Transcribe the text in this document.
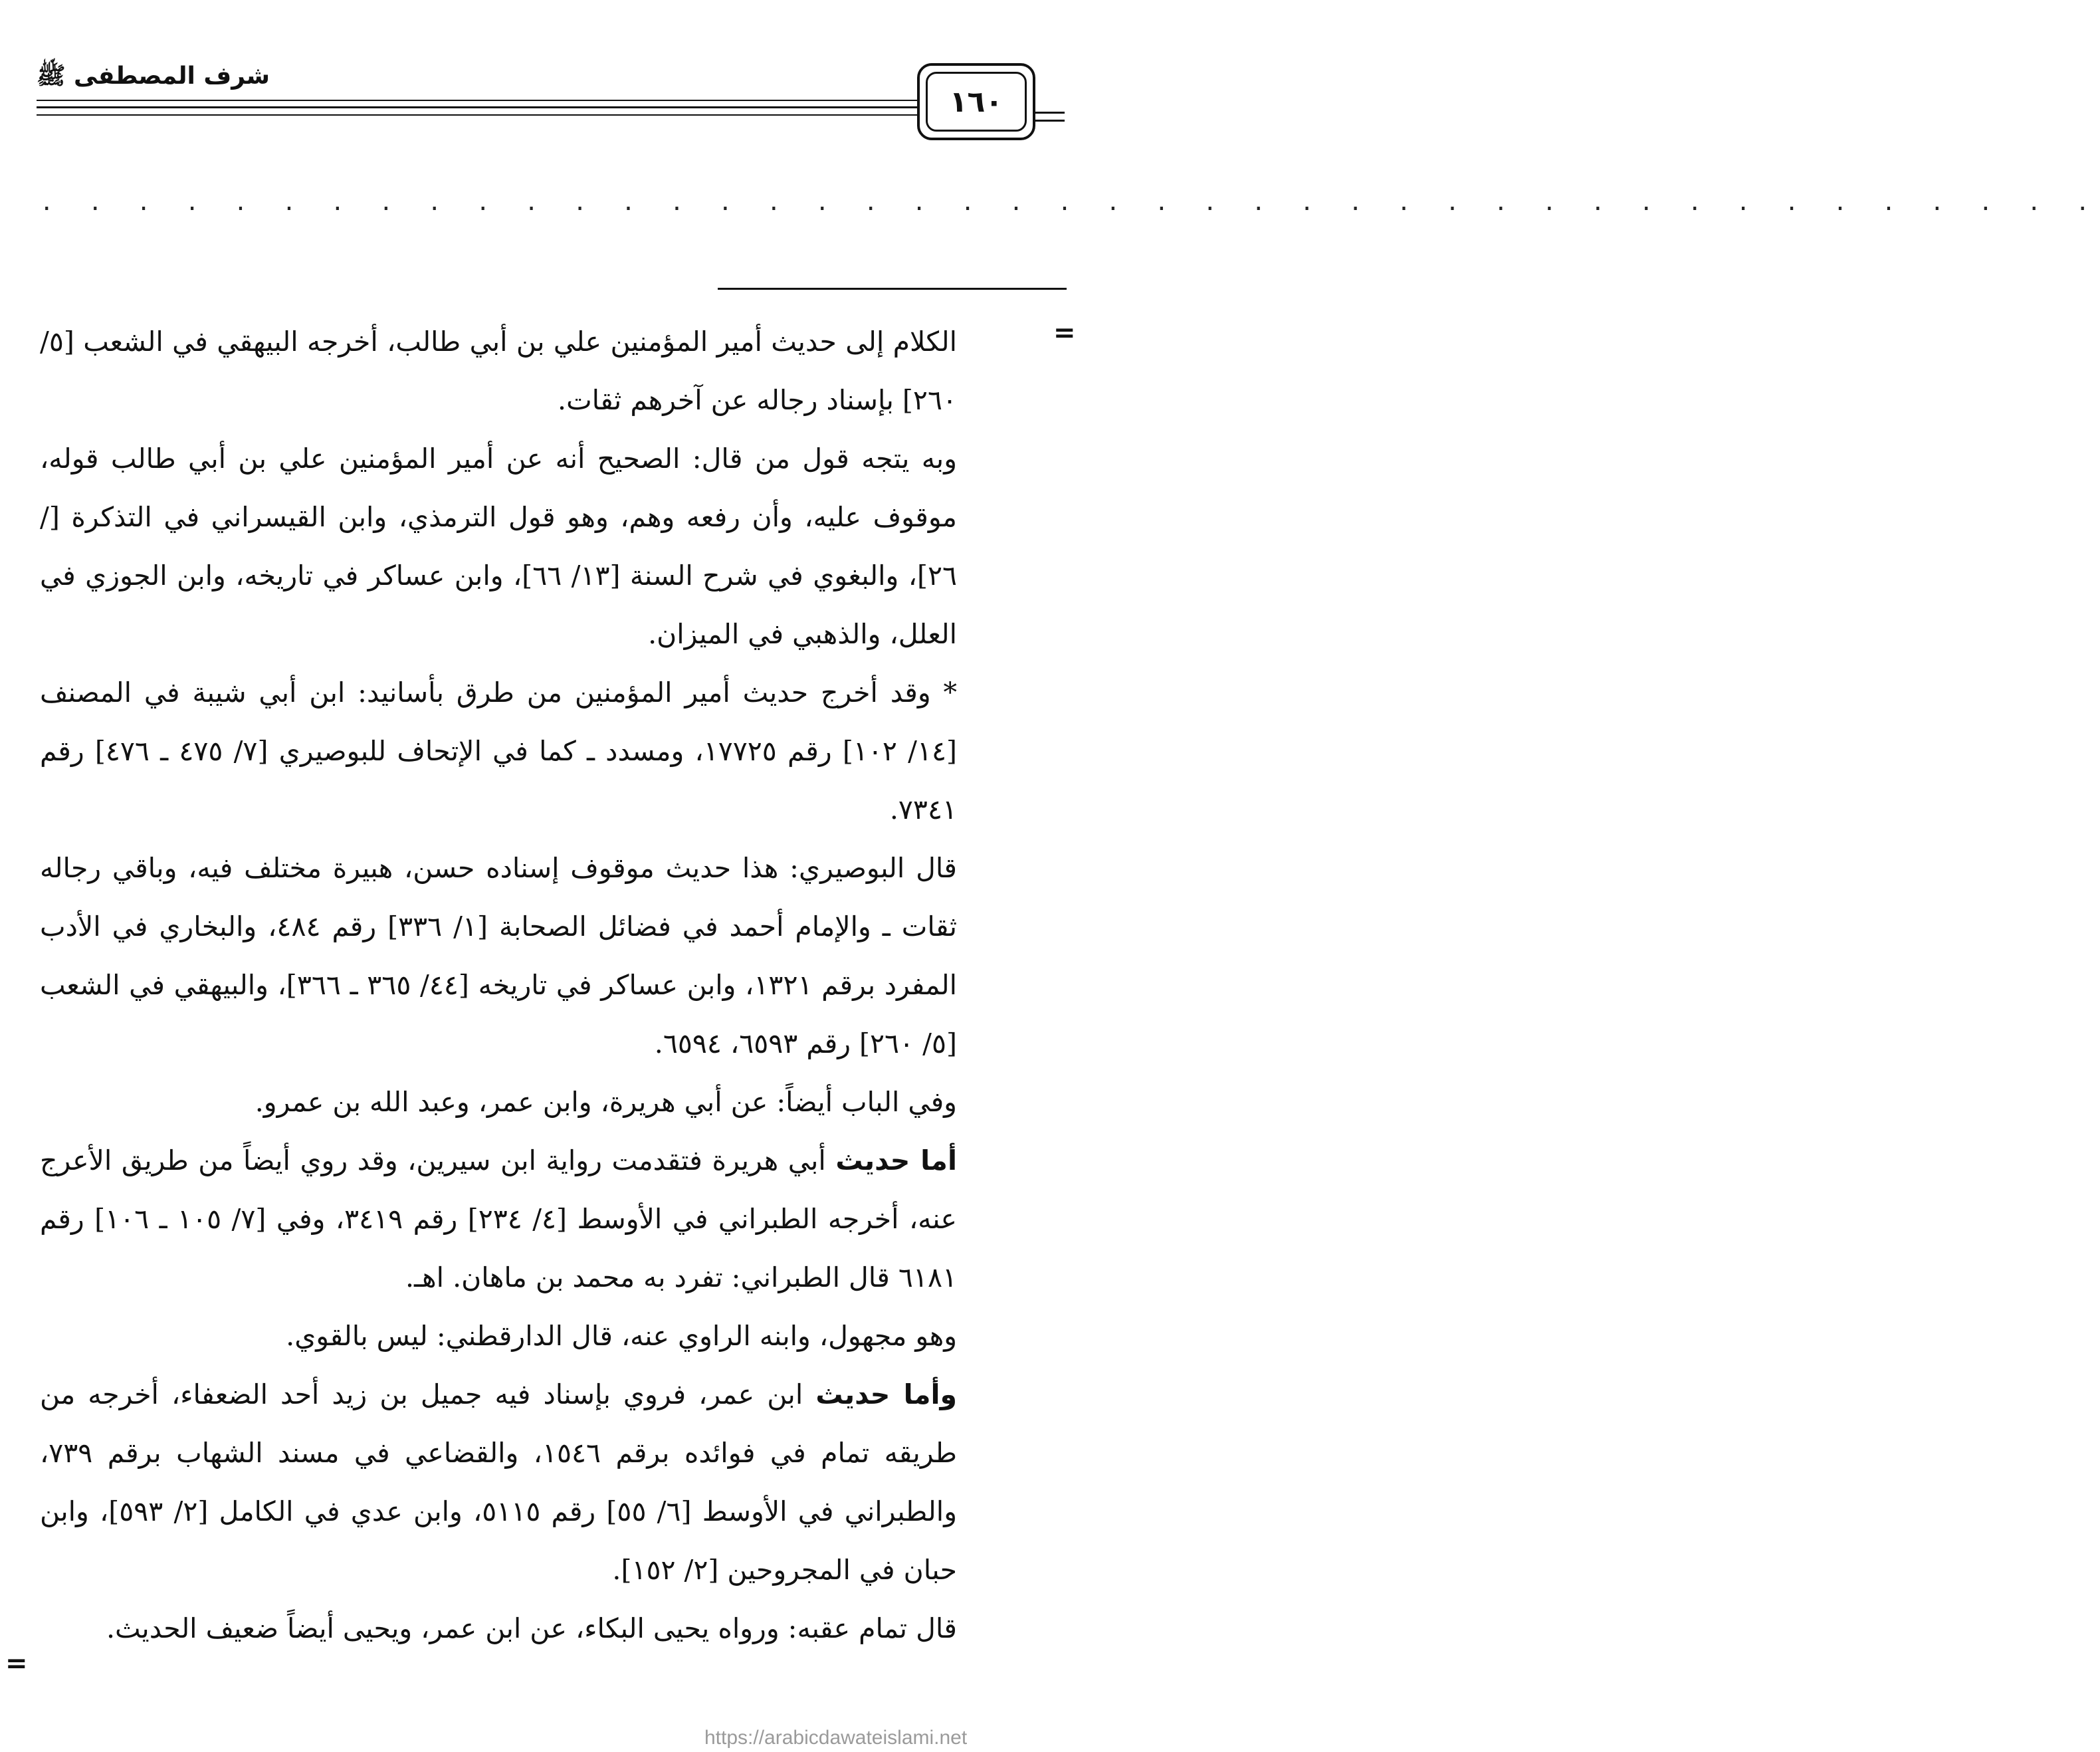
شرف المصطفى ﷺ
١٦٠
. . . . . . . . . . . . . . . . . . . . . . . . . . . . . . . . . . . . . . . . . . .
=

الكلام إلى حديث أمير المؤمنين علي بن أبي طالب، أخرجه البيهقي في الشعب [٥/ ٢٦٠] بإسناد رجاله عن آخرهم ثقات.

وبه يتجه قول من قال: الصحيح أنه عن أمير المؤمنين علي بن أبي طالب قوله، موقوف عليه، وأن رفعه وهم، وهو قول الترمذي، وابن القيسراني في التذكرة [/ ٢٦]، والبغوي في شرح السنة [١٣/ ٦٦]، وابن عساكر في تاريخه، وابن الجوزي في العلل، والذهبي في الميزان.

* وقد أخرج حديث أمير المؤمنين من طرق بأسانيد: ابن أبي شيبة في المصنف [١٤/ ١٠٢] رقم ١٧٧٢٥، ومسدد ـ كما في الإتحاف للبوصيري [٧/ ٤٧٥ ـ ٤٧٦] رقم ٧٣٤١.

قال البوصيري: هذا حديث موقوف إسناده حسن، هبيرة مختلف فيه، وباقي رجاله ثقات ـ والإمام أحمد في فضائل الصحابة [١/ ٣٣٦] رقم ٤٨٤، والبخاري في الأدب المفرد برقم ١٣٢١، وابن عساكر في تاريخه [٤٤/ ٣٦٥ ـ ٣٦٦]، والبيهقي في الشعب [٥/ ٢٦٠] رقم ٦٥٩٣، ٦٥٩٤.

وفي الباب أيضاً: عن أبي هريرة، وابن عمر، وعبد الله بن عمرو.

أما حديث أبي هريرة فتقدمت رواية ابن سيرين، وقد روي أيضاً من طريق الأعرج عنه، أخرجه الطبراني في الأوسط [٤/ ٢٣٤] رقم ٣٤١٩، وفي [٧/ ١٠٥ ـ ١٠٦] رقم ٦١٨١ قال الطبراني: تفرد به محمد بن ماهان. اهـ.

وهو مجهول، وابنه الراوي عنه، قال الدارقطني: ليس بالقوي.

وأما حديث ابن عمر، فروي بإسناد فيه جميل بن زيد أحد الضعفاء، أخرجه من طريقه تمام في فوائده برقم ١٥٤٦، والقضاعي في مسند الشهاب برقم ٧٣٩، والطبراني في الأوسط [٦/ ٥٥] رقم ٥١١٥، وابن عدي في الكامل [٢/ ٥٩٣]، وابن حبان في المجروحين [٢/ ١٥٢].

قال تمام عقبه: ورواه يحيى البكاء، عن ابن عمر، ويحيى أيضاً ضعيف الحديث.

=
https://arabicdawateislami.net
